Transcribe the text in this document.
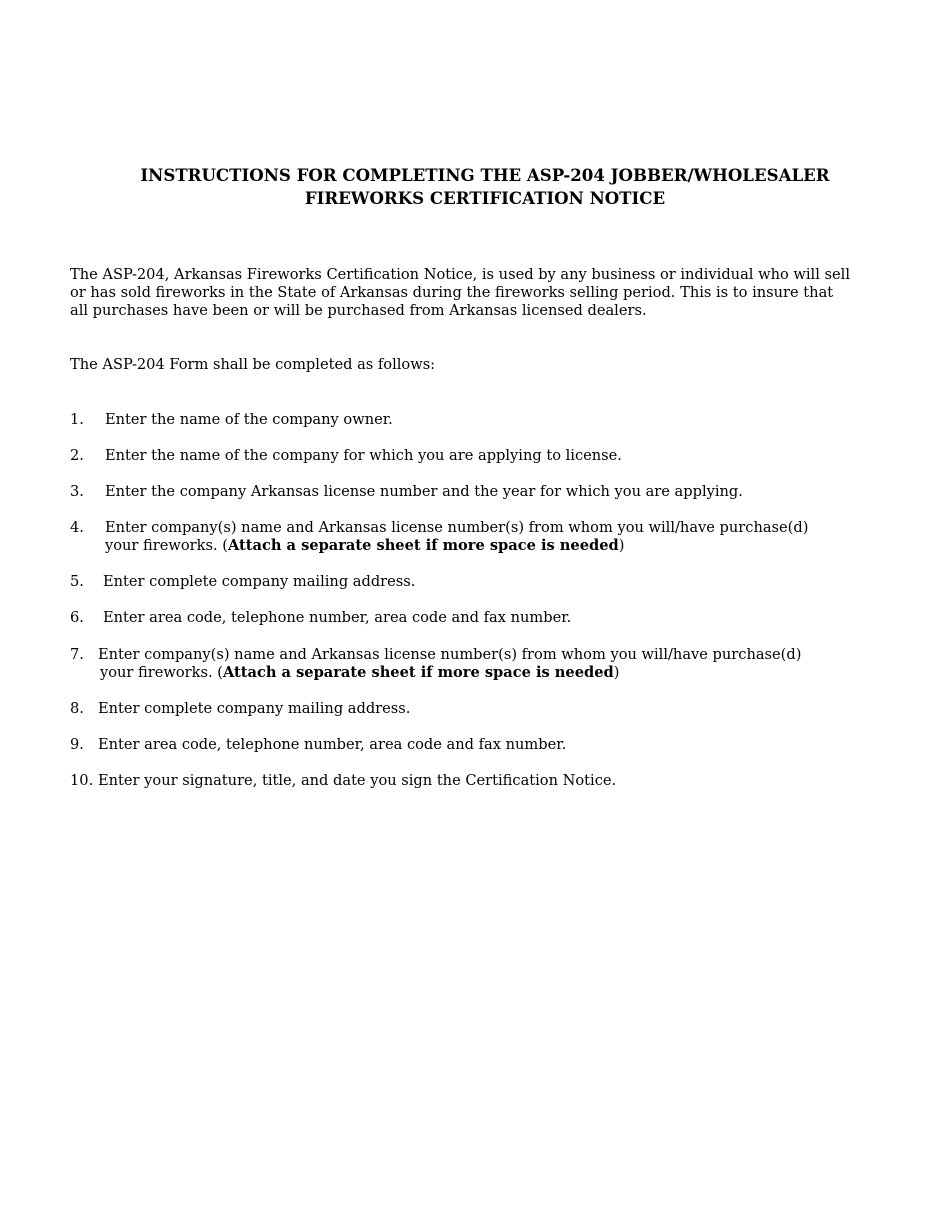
INSTRUCTIONS FOR COMPLETING THE ASP-204 JOBBER/WHOLESALER
FIREWORKS CERTIFICATION NOTICE
The ASP-204, Arkansas Fireworks Certification Notice, is used by any business or individual who will sell
or has sold fireworks in the State of Arkansas during the fireworks selling period. This is to insure that
all purchases have been or will be purchased from Arkansas licensed dealers.
The ASP-204 Form shall be completed as follows:
1. Enter the name of the company owner.
2. Enter the name of the company for which you are applying to license.
3. Enter the company Arkansas license number and the year for which you are applying.
4. Enter company(s) name and Arkansas license number(s) from whom you will/have purchase(d)
your fireworks. (Attach a separate sheet if more space is needed)
5. Enter complete company mailing address.
6. Enter area code, telephone number, area code and fax number.
7. Enter company(s) name and Arkansas license number(s) from whom you will/have purchase(d)
your fireworks. (Attach a separate sheet if more space is needed)
8. Enter complete company mailing address.
9. Enter area code, telephone number, area code and fax number.
10. Enter your signature, title, and date you sign the Certification Notice.
